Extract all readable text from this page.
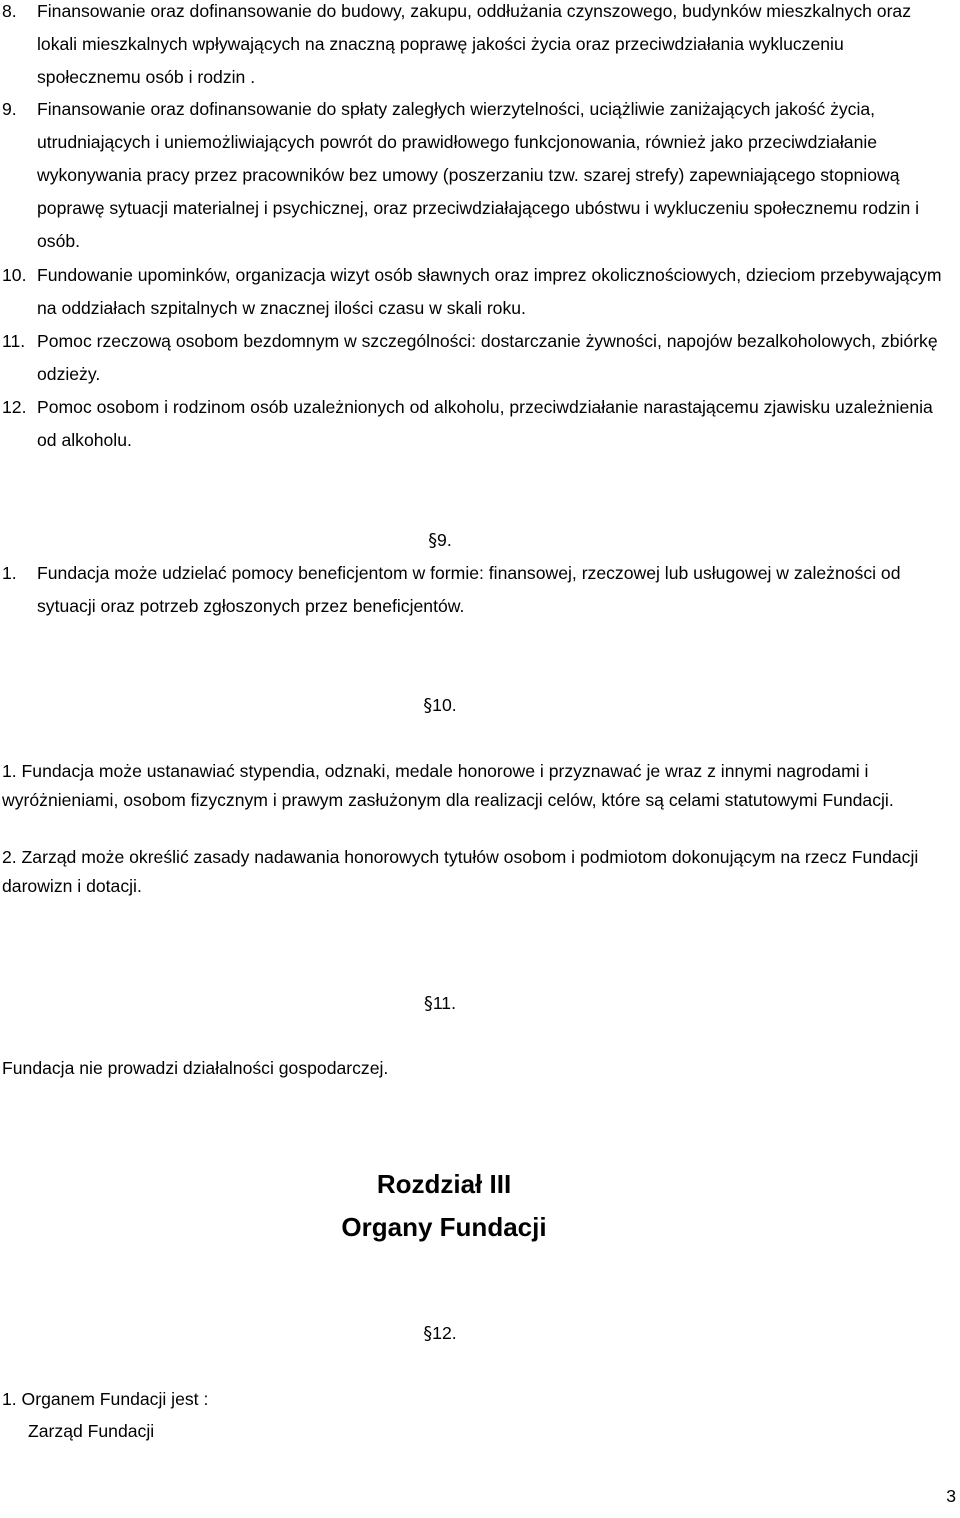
8. Finansowanie oraz dofinansowanie do budowy, zakupu, oddłużania czynszowego, budynków mieszkalnych oraz lokali mieszkalnych wpływających na znaczną poprawę jakości życia oraz przeciwdziałania wykluczeniu społecznemu osób i rodzin .
9. Finansowanie oraz dofinansowanie do spłaty zaległych wierzytelności, uciążliwie zaniżających jakość życia, utrudniających i uniemożliwiających powrót do prawidłowego funkcjonowania, również jako przeciwdziałanie wykonywania pracy przez pracowników bez umowy (poszerzaniu tzw. szarej strefy) zapewniającego stopniową poprawę sytuacji materialnej i psychicznej, oraz przeciwdziałającego ubóstwu i wykluczeniu społecznemu rodzin i osób.
10. Fundowanie upominków, organizacja wizyt osób sławnych oraz imprez okolicznościowych, dzieciom przebywającym na oddziałach szpitalnych w znacznej ilości czasu w skali roku.
11. Pomoc rzeczową osobom bezdomnym w szczególności: dostarczanie żywności, napojów bezalkoholowych, zbiórkę odzieży.
12. Pomoc osobom i rodzinom osób uzależnionych od alkoholu, przeciwdziałanie narastającemu zjawisku uzależnienia od alkoholu.
§9.
1. Fundacja może udzielać pomocy beneficjentom w formie: finansowej, rzeczowej lub usługowej w zależności od sytuacji oraz potrzeb zgłoszonych przez beneficjentów.
§10.
1. Fundacja może ustanawiać stypendia, odznaki, medale honorowe i przyznawać je wraz z innymi nagrodami i wyróżnieniami, osobom fizycznym i prawym zasłużonym dla realizacji celów, które są celami statutowymi Fundacji.
2. Zarząd może określić zasady nadawania honorowych tytułów osobom i podmiotom dokonującym na rzecz Fundacji darowizn i dotacji.
§11.
Fundacja nie prowadzi działalności gospodarczej.
Rozdział III
Organy Fundacji
§12.
1. Organem Fundacji jest :
Zarząd Fundacji
3
